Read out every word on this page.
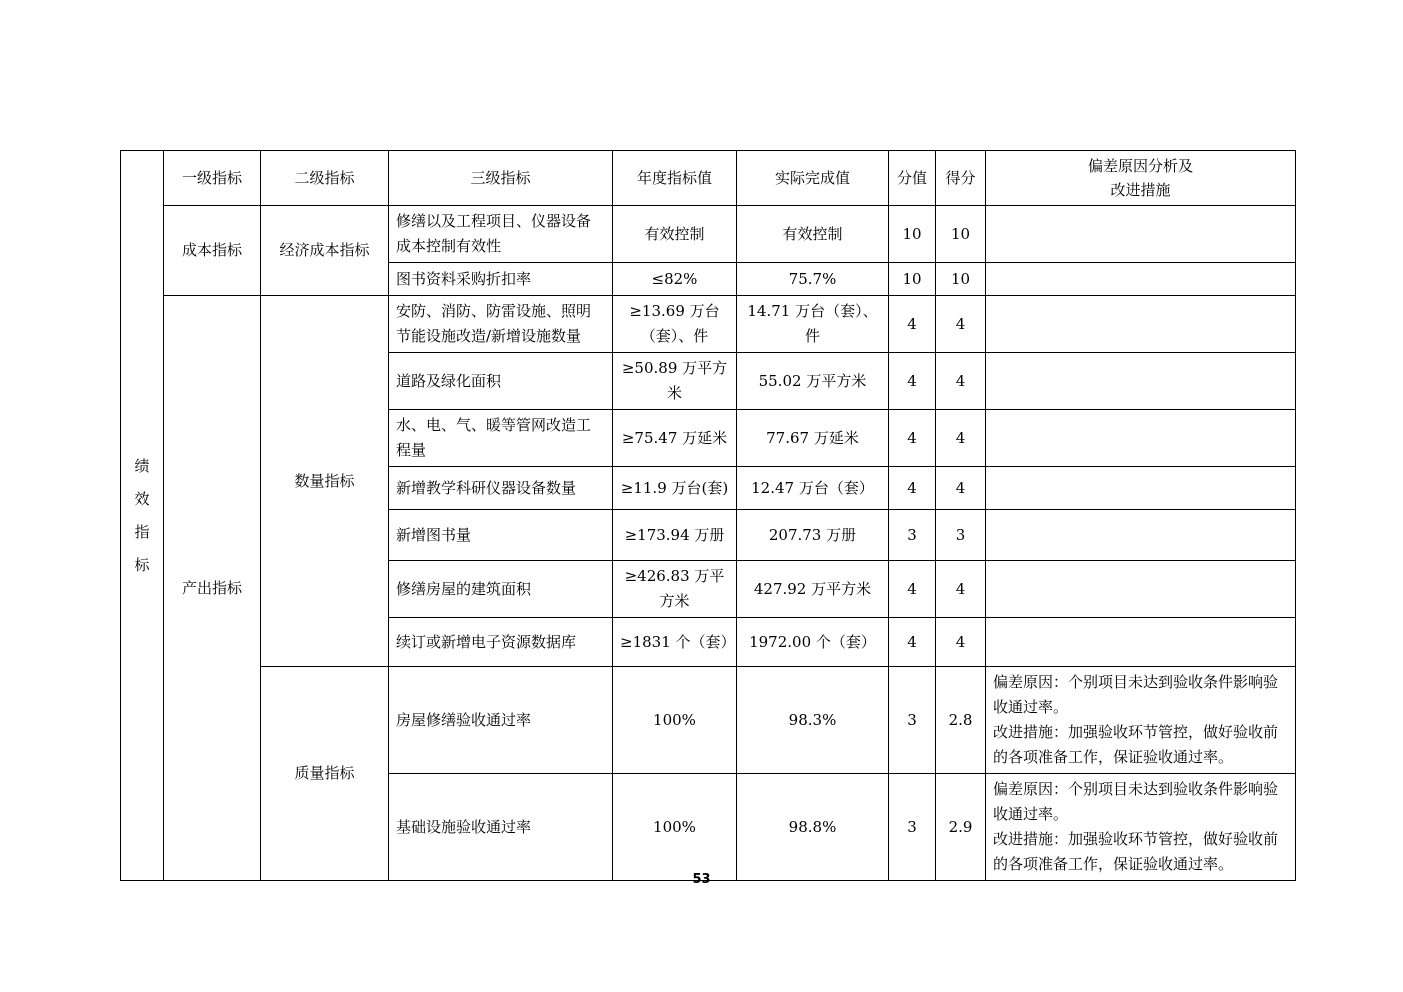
绩
效
指
标
	一级指标	二级指标	三级指标	年度指标值	实际完成值	分值	得分	
偏差原因分析及
改进措施

	成本指标	经济成本指标	修缮以及工程项目、仪器设备成本控制有效性	有效控制	有效控制	10	10	
			图书资料采购折扣率	≤82%	75.7%	10	10	
	产出指标	数量指标	安防、消防、防雷设施、照明节能设施改造/新增设施数量	≥13.69 万台（套）、件	14.71 万台（套）、件	4	4	
			道路及绿化面积	≥50.89 万平方米	55.02 万平方米	4	4	
			水、电、气、暖等管网改造工程量	≥75.47 万延米	77.67 万延米	4	4	
			新增教学科研仪器设备数量	≥11.9 万台(套)	12.47 万台（套）	4	4	
			新增图书量	≥173.94 万册	207.73 万册	3	3	
			修缮房屋的建筑面积	≥426.83 万平方米	427.92 万平方米	4	4	
			续订或新增电子资源数据库	≥1831 个（套）	1972.00 个（套）	4	4	
		质量指标	房屋修缮验收通过率	100%	98.3%	3	2.8	偏差原因：个别项目未达到验收条件影响验收通过率。
改进措施：加强验收环节管控，做好验收前的各项准备工作，保证验收通过率。

			基础设施验收通过率	100%	98.8%	3	2.9	偏差原因：个别项目未达到验收条件影响验收通过率。
改进措施：加强验收环节管控，做好验收前的各项准备工作，保证验收通过率。
53
